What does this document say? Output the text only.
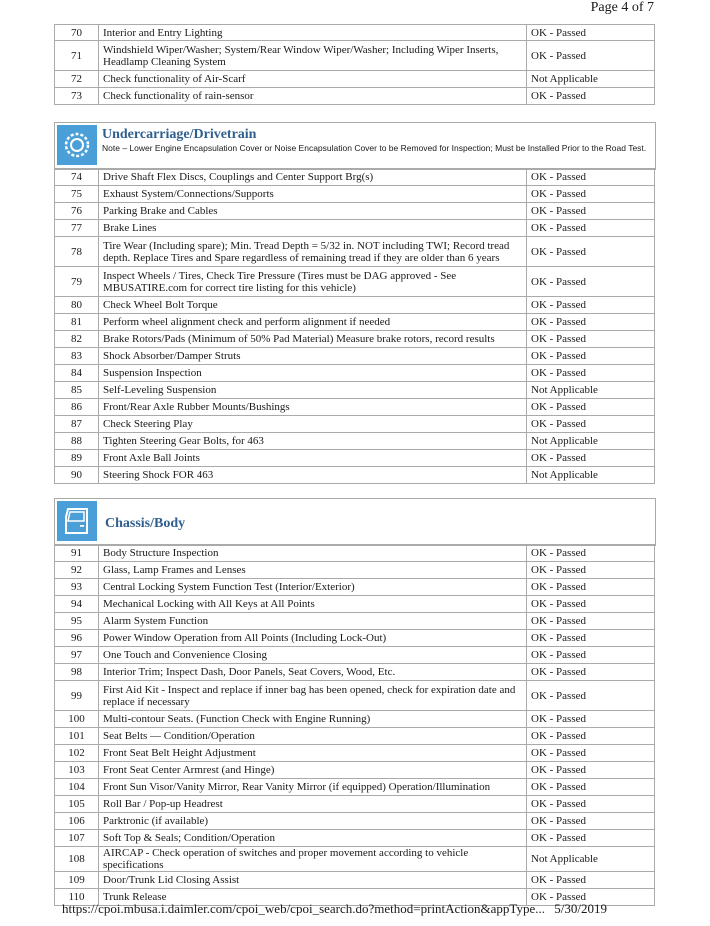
Page 4 of 7
70	Interior and Entry Lighting	OK - Passed
71	Windshield Wiper/Washer; System/Rear Window Wiper/Washer; Including Wiper Inserts, Headlamp Cleaning System	OK - Passed
72	Check functionality of Air-Scarf	Not Applicable
73	Check functionality of rain-sensor	OK - Passed
Undercarriage/Drivetrain
Note – Lower Engine Encapsulation Cover or Noise Encapsulation Cover to be Removed for Inspection; Must be Installed Prior to the Road Test.
74	Drive Shaft Flex Discs, Couplings and Center Support Brg(s)	OK - Passed
75	Exhaust System/Connections/Supports	OK - Passed
76	Parking Brake and Cables	OK - Passed
77	Brake Lines	OK - Passed
78	Tire Wear (Including spare); Min. Tread Depth = 5/32 in. NOT including TWI; Record tread depth. Replace Tires and Spare regardless of remaining tread if they are older than 6 years	OK - Passed
79	Inspect Wheels / Tires, Check Tire Pressure (Tires must be DAG approved - See MBUSATIRE.com for correct tire listing for this vehicle)	OK - Passed
80	Check Wheel Bolt Torque	OK - Passed
81	Perform wheel alignment check and perform alignment if needed	OK - Passed
82	Brake Rotors/Pads (Minimum of 50% Pad Material) Measure brake rotors, record results	OK - Passed
83	Shock Absorber/Damper Struts	OK - Passed
84	Suspension Inspection	OK - Passed
85	Self-Leveling Suspension	Not Applicable
86	Front/Rear Axle Rubber Mounts/Bushings	OK - Passed
87	Check Steering Play	OK - Passed
88	Tighten Steering Gear Bolts, for 463	Not Applicable
89	Front Axle Ball Joints	OK - Passed
90	Steering Shock FOR 463	Not Applicable
Chassis/Body
91	Body Structure Inspection	OK - Passed
92	Glass, Lamp Frames and Lenses	OK - Passed
93	Central Locking System Function Test (Interior/Exterior)	OK - Passed
94	Mechanical Locking with All Keys at All Points	OK - Passed
95	Alarm System Function	OK - Passed
96	Power Window Operation from All Points (Including Lock-Out)	OK - Passed
97	One Touch and Convenience Closing	OK - Passed
98	Interior Trim; Inspect Dash, Door Panels, Seat Covers, Wood, Etc.	OK - Passed
99	First Aid Kit - Inspect and replace if inner bag has been opened, check for expiration date and replace if necessary	OK - Passed
100	Multi-contour Seats. (Function Check with Engine Running)	OK - Passed
101	Seat Belts — Condition/Operation	OK - Passed
102	Front Seat Belt Height Adjustment	OK - Passed
103	Front Seat Center Armrest (and Hinge)	OK - Passed
104	Front Sun Visor/Vanity Mirror, Rear Vanity Mirror (if equipped) Operation/Illumination	OK - Passed
105	Roll Bar / Pop-up Headrest	OK - Passed
106	Parktronic (if available)	OK - Passed
107	Soft Top & Seals; Condition/Operation	OK - Passed
108	AIRCAP - Check operation of switches and proper movement according to vehicle specifications	Not Applicable
109	Door/Trunk Lid Closing Assist	OK - Passed
110	Trunk Release	OK - Passed
https://cpoi.mbusa.i.daimler.com/cpoi_web/cpoi_search.do?method=printAction&appType... 5/30/2019
